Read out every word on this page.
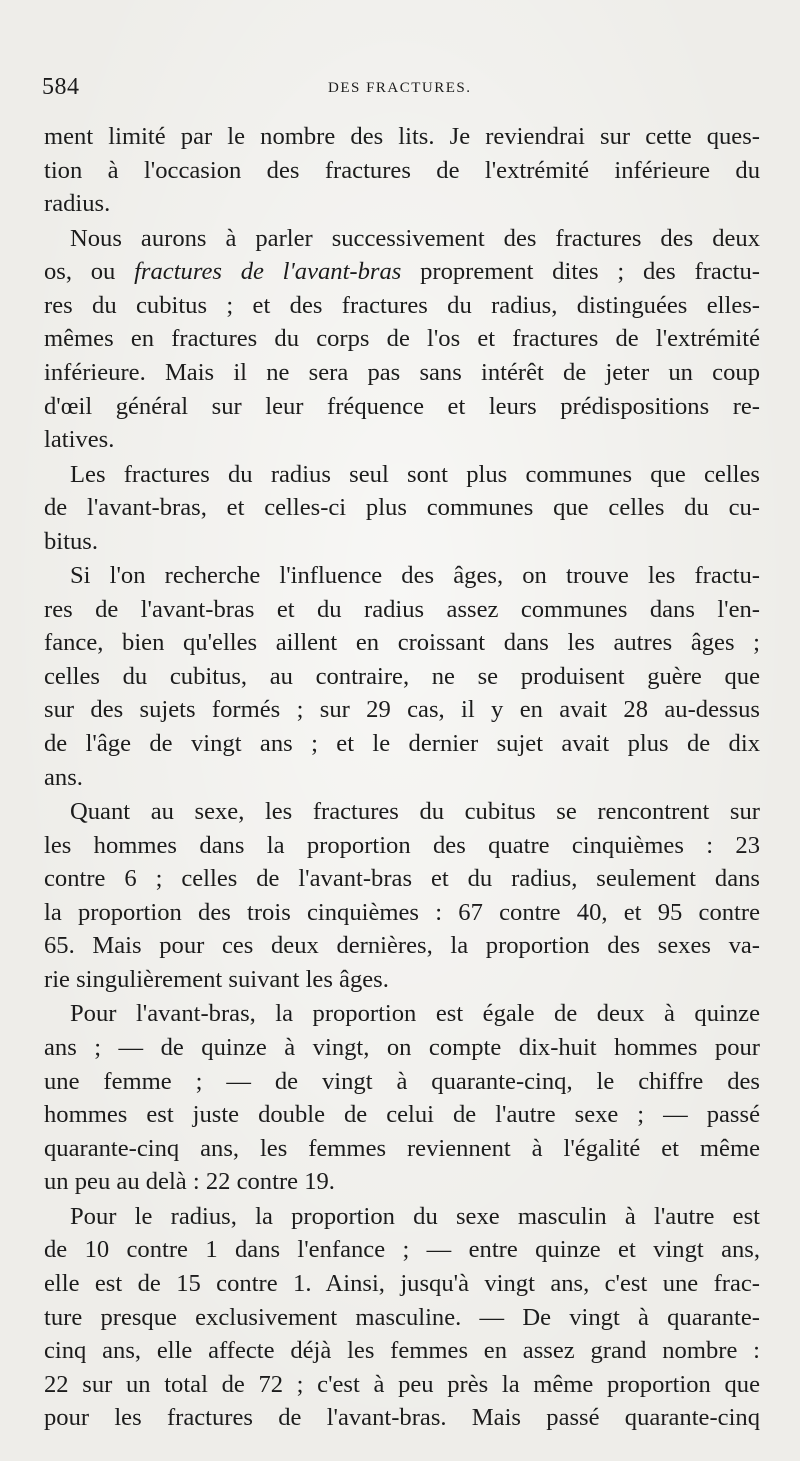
584	DES FRACTURES.
ment limité par le nombre des lits. Je reviendrai sur cette ques-
tion à l'occasion des fractures de l'extrémité inférieure du
radius.
Nous aurons à parler successivement des fractures des deux
os, ou fractures de l'avant-bras proprement dites ; des fractu-
res du cubitus ; et des fractures du radius, distinguées elles-
mêmes en fractures du corps de l'os et fractures de l'extrémité
inférieure. Mais il ne sera pas sans intérêt de jeter un coup
d'œil général sur leur fréquence et leurs prédispositions re-
latives.
Les fractures du radius seul sont plus communes que celles
de l'avant-bras, et celles-ci plus communes que celles du cu-
bitus.
Si l'on recherche l'influence des âges, on trouve les fractu-
res de l'avant-bras et du radius assez communes dans l'en-
fance, bien qu'elles aillent en croissant dans les autres âges ;
celles du cubitus, au contraire, ne se produisent guère que
sur des sujets formés ; sur 29 cas, il y en avait 28 au-dessus
de l'âge de vingt ans ; et le dernier sujet avait plus de dix
ans.
Quant au sexe, les fractures du cubitus se rencontrent sur
les hommes dans la proportion des quatre cinquièmes : 23
contre 6 ; celles de l'avant-bras et du radius, seulement dans
la proportion des trois cinquièmes : 67 contre 40, et 95 contre
65. Mais pour ces deux dernières, la proportion des sexes va-
rie singulièrement suivant les âges.
Pour l'avant-bras, la proportion est égale de deux à quinze
ans ; — de quinze à vingt, on compte dix-huit hommes pour
une femme ; — de vingt à quarante-cinq, le chiffre des
hommes est juste double de celui de l'autre sexe ; — passé
quarante-cinq ans, les femmes reviennent à l'égalité et même
un peu au delà : 22 contre 19.
Pour le radius, la proportion du sexe masculin à l'autre est
de 10 contre 1 dans l'enfance ; — entre quinze et vingt ans,
elle est de 15 contre 1. Ainsi, jusqu'à vingt ans, c'est une frac-
ture presque exclusivement masculine. — De vingt à quarante-
cinq ans, elle affecte déjà les femmes en assez grand nombre :
22 sur un total de 72 ; c'est à peu près la même proportion que
pour les fractures de l'avant-bras. Mais passé quarante-cinq
